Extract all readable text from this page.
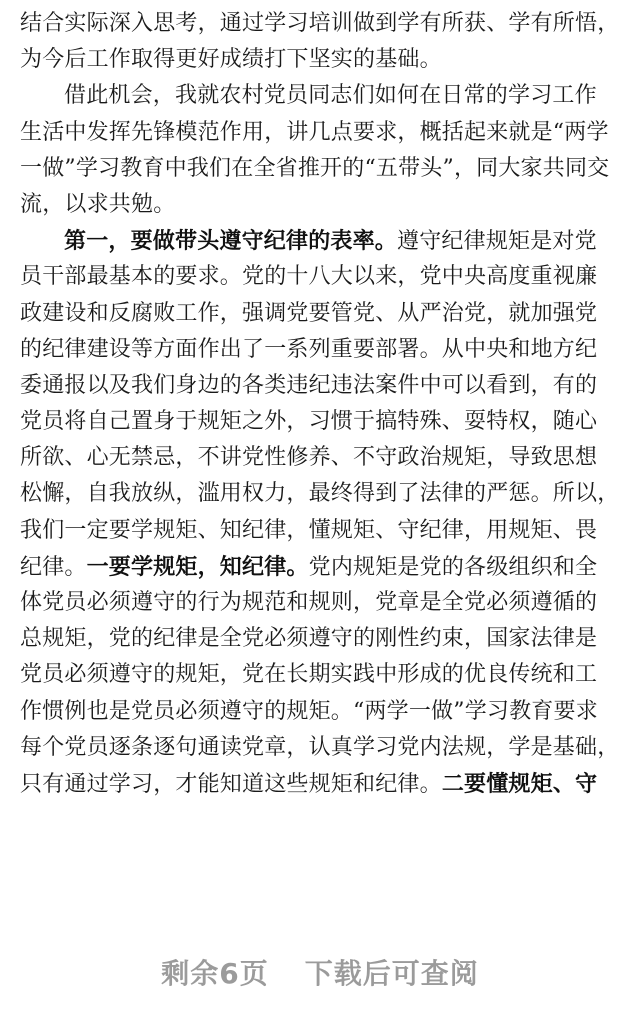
结合实际深入思考，通过学习培训做到学有所获、学有所悟，
为今后工作取得更好成绩打下坚实的基础。
借此机会，我就农村党员同志们如何在日常的学习工作
生活中发挥先锋模范作用，讲几点要求，概括起来就是“两学
一做”学习教育中我们在全省推开的“五带头”，同大家共同交
流，以求共勉。
第一，要做带头遵守纪律的表率。遵守纪律规矩是对党
员干部最基本的要求。党的十八大以来，党中央高度重视廉
政建设和反腐败工作，强调党要管党、从严治党，就加强党
的纪律建设等方面作出了一系列重要部署。从中央和地方纪
委通报以及我们身边的各类违纪违法案件中可以看到，有的
党员将自己置身于规矩之外，习惯于搞特殊、耍特权，随心
所欲、心无禁忌，不讲党性修养、不守政治规矩，导致思想
松懈，自我放纵，滥用权力，最终得到了法律的严惩。所以，
我们一定要学规矩、知纪律，懂规矩、守纪律，用规矩、畏
纪律。一要学规矩，知纪律。党内规矩是党的各级组织和全
体党员必须遵守的行为规范和规则，党章是全党必须遵循的
总规矩，党的纪律是全党必须遵守的刚性约束，国家法律是
党员必须遵守的规矩，党在长期实践中形成的优良传统和工
作惯例也是党员必须遵守的规矩。“两学一做”学习教育要求
每个党员逐条逐句通读党章，认真学习党内法规，学是基础，
只有通过学习，才能知道这些规矩和纪律。二要懂规矩、守
剩余6页 下载后可查阅
